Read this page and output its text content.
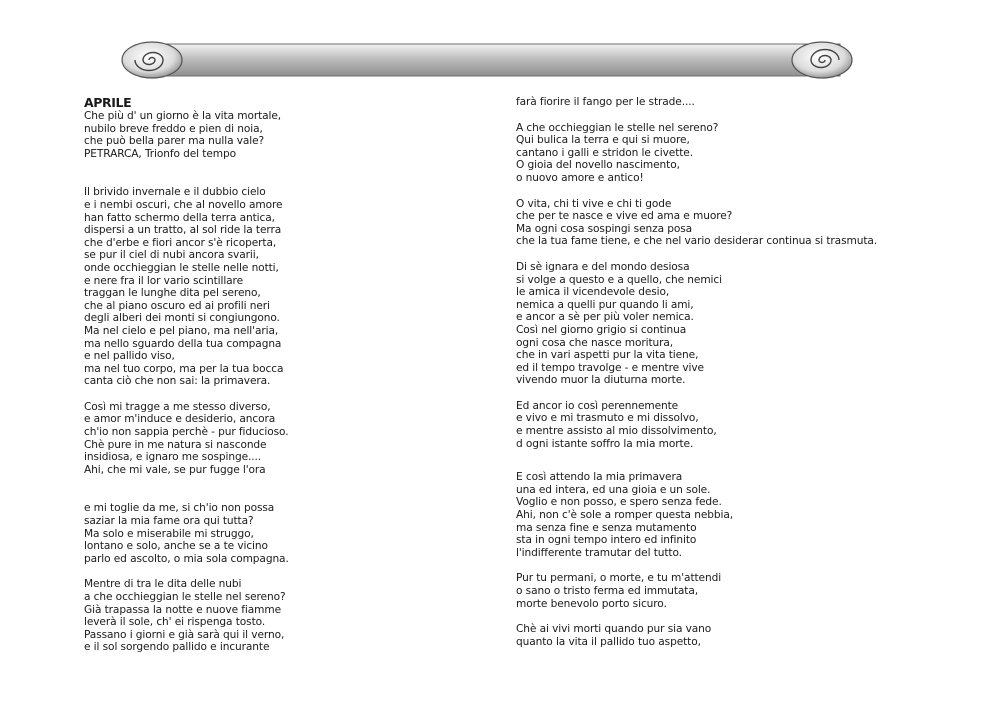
APRILE

Che più d' un giorno è la vita mortale,
nubilo breve freddo e pien di noia,
che può bella parer ma nulla vale?
PETRARCA, Trionfo del tempo

Il brivido invernale e il dubbio cielo
e i nembi oscuri, che al novello amore
han fatto schermo della terra antica,
dispersi a un tratto, al sol ride la terra
che d'erbe e fiori ancor s'è ricoperta,
se pur il ciel di nubi ancora svarii,
onde occhieggian le stelle nelle notti,
e nere fra il lor vario scintillare
traggan le lunghe dita pel sereno,
che al piano oscuro ed ai profili neri
degli alberi dei monti si congiungono.
Ma nel cielo e pel piano, ma nell'aria,
ma nello sguardo della tua compagna
e nel pallido viso,
ma nel tuo corpo, ma per la tua bocca
canta ciò che non sai: la primavera.

Così mi tragge a me stesso diverso,
e amor m'induce e desiderio, ancora
ch'io non sappia perchè - pur fiducioso.
Chè pure in me natura si nasconde
insidiosa, e ignaro me sospinge....
Ahi, che mi vale, se pur fugge l'ora

e mi toglie da me, si ch'io non possa
saziar la mia fame ora qui tutta?
Ma solo e miserabile mi struggo,
lontano e solo, anche se a te vicino
parlo ed ascolto, o mia sola compagna.

Mentre di tra le dita delle nubi
a che occhieggian le stelle nel sereno?
Già trapassa la notte e nuove fiamme
leverà il sole, ch' ei rispenga tosto.
Passano i giorni e già sarà qui il verno,
e il sol sorgendo pallido e incurante

farà fiorire il fango per le strade....

A che occhieggian le stelle nel sereno?
Qui bulica la terra e qui si muore,
cantano i galli e stridon le civette.
O gioia del novello nascimento,
o nuovo amore e antico!

O vita, chi ti vive e chi ti gode
che per te nasce e vive ed ama e muore?
Ma ogni cosa sospingi senza posa
che la tua fame tiene, e che nel vario desiderar continua si trasmuta.

Di sè ignara e del mondo desiosa
si volge a questo e a quello, che nemici
le amica il vicendevole desio,
nemica a quelli pur quando li ami,
e ancor a sè per più voler nemica.
Così nel giorno grigio si continua
ogni cosa che nasce moritura,
che in vari aspetti pur la vita tiene,
ed il tempo travolge - e mentre vive
vivendo muor la diuturna morte.

Ed ancor io così perennemente
e vivo e mi trasmuto e mi dissolvo,
e mentre assisto al mio dissolvimento,
d ogni istante soffro la mia morte.

E così attendo la mia primavera
una ed intera, ed una gioia e un sole.
Voglio e non posso, e spero senza fede.
Ahi, non c'è sole a romper questa nebbia,
ma senza fine e senza mutamento
sta in ogni tempo intero ed infinito
l'indifferente tramutar del tutto.

Pur tu permani, o morte, e tu m'attendi
o sano o tristo ferma ed immutata,
morte benevolo porto sicuro.

Chè ai vivi morti quando pur sia vano
quanto la vita il pallido tuo aspetto,
